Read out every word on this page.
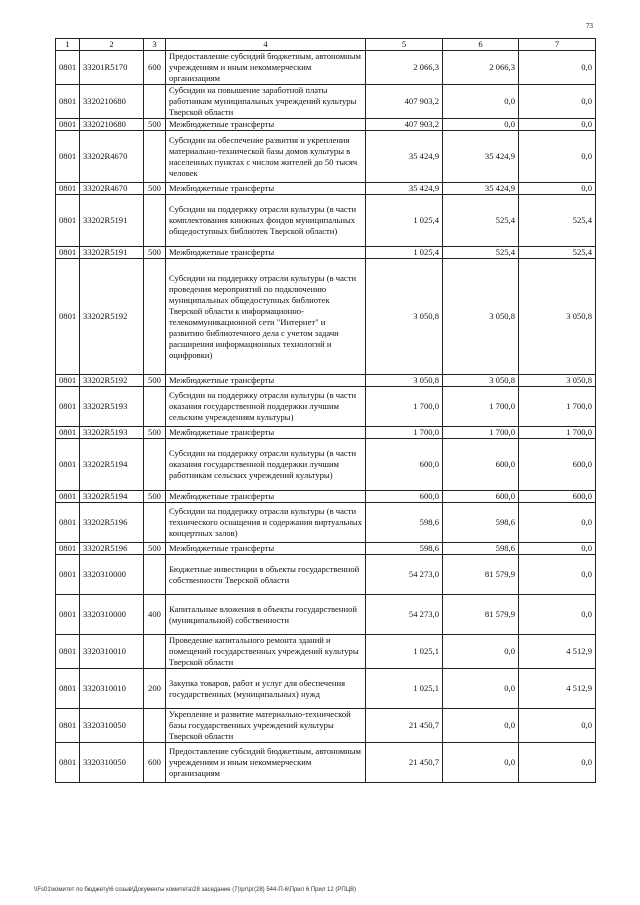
73
1	2	3	4	5	6	7
0801	33201R5170	600	Предоставление субсидий бюджетным, автономным учреждениям и иным некоммерческим организациям	2 066,3	2 066,3	0,0
0801	3320210680		Субсидии на повышение заработной платы работникам муниципальных учреждений культуры Тверской области	407 903,2	0,0	0,0
0801	3320210680	500	Межбюджетные трансферты	407 903,2	0,0	0,0
0801	33202R4670		Субсидии на обеспечение развития и укрепления материально-технической базы домов культуры в населенных пунктах с числом жителей до 50 тысяч человек	35 424,9	35 424,9	0,0
0801	33202R4670	500	Межбюджетные трансферты	35 424,9	35 424,9	0,0
0801	33202R5191		Субсидии на поддержку отрасли культуры (в части комплектования книжных фондов муниципальных общедоступных библиотек Тверской области)	1 025,4	525,4	525,4
0801	33202R5191	500	Межбюджетные трансферты	1 025,4	525,4	525,4
0801	33202R5192		Субсидии на поддержку отрасли культуры (в части проведения мероприятий по подключению муниципальных общедоступных библиотек Тверской области к информационно-телекоммуникационной сети "Интернет" и развитию библиотечного дела с учетом задачи расширения информационных технологий и оцифровки)	3 050,8	3 050,8	3 050,8
0801	33202R5192	500	Межбюджетные трансферты	3 050,8	3 050,8	3 050,8
0801	33202R5193		Субсидии на поддержку отрасли культуры (в части оказания государственной поддержки лучшим сельским учреждениям культуры)	1 700,0	1 700,0	1 700,0
0801	33202R5193	500	Межбюджетные трансферты	1 700,0	1 700,0	1 700,0
0801	33202R5194		Субсидии на поддержку отрасли культуры (в части оказания государственной поддержки лучшим работникам сельских учреждений культуры)	600,0	600,0	600,0
0801	33202R5194	500	Межбюджетные трансферты	600,0	600,0	600,0
0801	33202R5196		Субсидии на поддержку отрасли культуры (в части технического оснащения и содержания виртуальных концертных залов)	598,6	598,6	0,0
0801	33202R5196	500	Межбюджетные трансферты	598,6	598,6	0,0
0801	3320310000		Бюджетные инвестиции в объекты государственной собственности Тверской области	54 273,0	81 579,9	0,0
0801	3320310000	400	Капитальные вложения в объекты государственной (муниципальной) собственности	54 273,0	81 579,9	0,0
0801	3320310010		Проведение капитального ремонта зданий и помещений государственных учреждений культуры Тверской области	1 025,1	0,0	4 512,9
0801	3320310010	200	Закупка товаров, работ и услуг для обеспечения государственных (муниципальных) нужд	1 025,1	0,0	4 512,9
0801	3320310050		Укрепление и развитие материально-технической базы государственных учреждений культуры Тверской области	21 450,7	0,0	0,0
0801	3320310050	600	Предоставление субсидий бюджетным, автономным учреждениям и иным некоммерческим организациям	21 450,7	0,0	0,0
\\Fs01\комитет по бюджету\6 созыв\Документы комитета\28 заседание (7)\рг\рг(28) 544-П-6\Прил 6 Прил 12 (РПЦВ)
